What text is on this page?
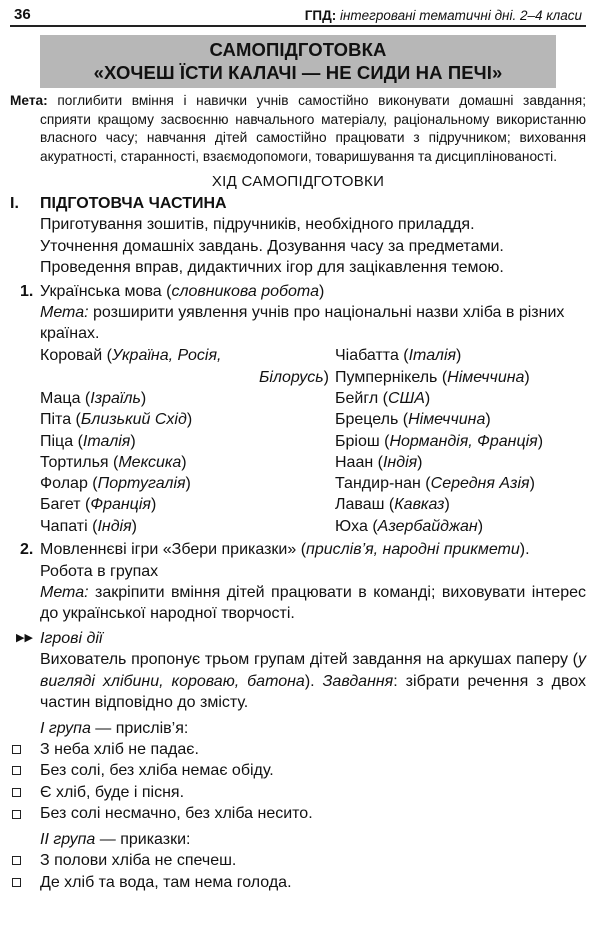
36	ГПД: інтегровані тематичні дні. 2–4 класи
САМОПІДГОТОВКА
«ХОЧЕШ ЇСТИ КАЛАЧІ — НЕ СИДИ НА ПЕЧІ»
Мета: поглибити вміння і навички учнів самостійно виконувати домашні завдання; сприяти кращому засвоєнню навчального матеріалу, раціональному використанню власного часу; навчання дітей самостійно працювати з підручником; виховання акуратності, старанності, взаємодопомоги, товаришування та дисциплінованості.
ХІД САМОПІДГОТОВКИ
І.	ПІДГОТОВЧА ЧАСТИНА
Приготування зошитів, підручників, необхідного приладдя.
Уточнення домашніх завдань. Дозування часу за предметами.
Проведення вправ, дидактичних ігор для зацікавлення темою.
1. Українська мова (словникова робота)
Мета: розширити уявлення учнів про національні назви хліба в різних країнах.
Коровай (Україна, Росія,
Білорусь)
Маца (Ізраїль)
Піта (Близький Схід)
Піца (Італія)
Тортилья (Мексика)
Фолар (Португалія)
Багет (Франція)
Чапаті (Індія)
Чіабатта (Італія)
Пумпернікель (Німеччина)
Бейгл (США)
Брецель (Німеччина)
Бріош (Нормандія, Франція)
Наан (Індія)
Тандир-нан (Середня Азія)
Лаваш (Кавказ)
Юха (Азербайджан)
2. Мовленнєві ігри «Збери приказки» (прислів’я, народні прикмети).
Робота в групах
Мета: закріпити вміння дітей працювати в команді; виховувати інтерес до української народної творчості.
▶▶ Ігрові дії
Вихователь пропонує трьом групам дітей завдання на аркушах паперу (у вигляді хлібини, короваю, батона). Завдання: зібрати речення з двох частин відповідно до змісту.
І група — прислів’я:
З неба хліб не падає.
Без солі, без хліба немає обіду.
Є хліб, буде і пісня.
Без солі несмачно, без хліба несито.
ІІ група — приказки:
З полови хліба не спечеш.
Де хліб та вода, там нема голода.
